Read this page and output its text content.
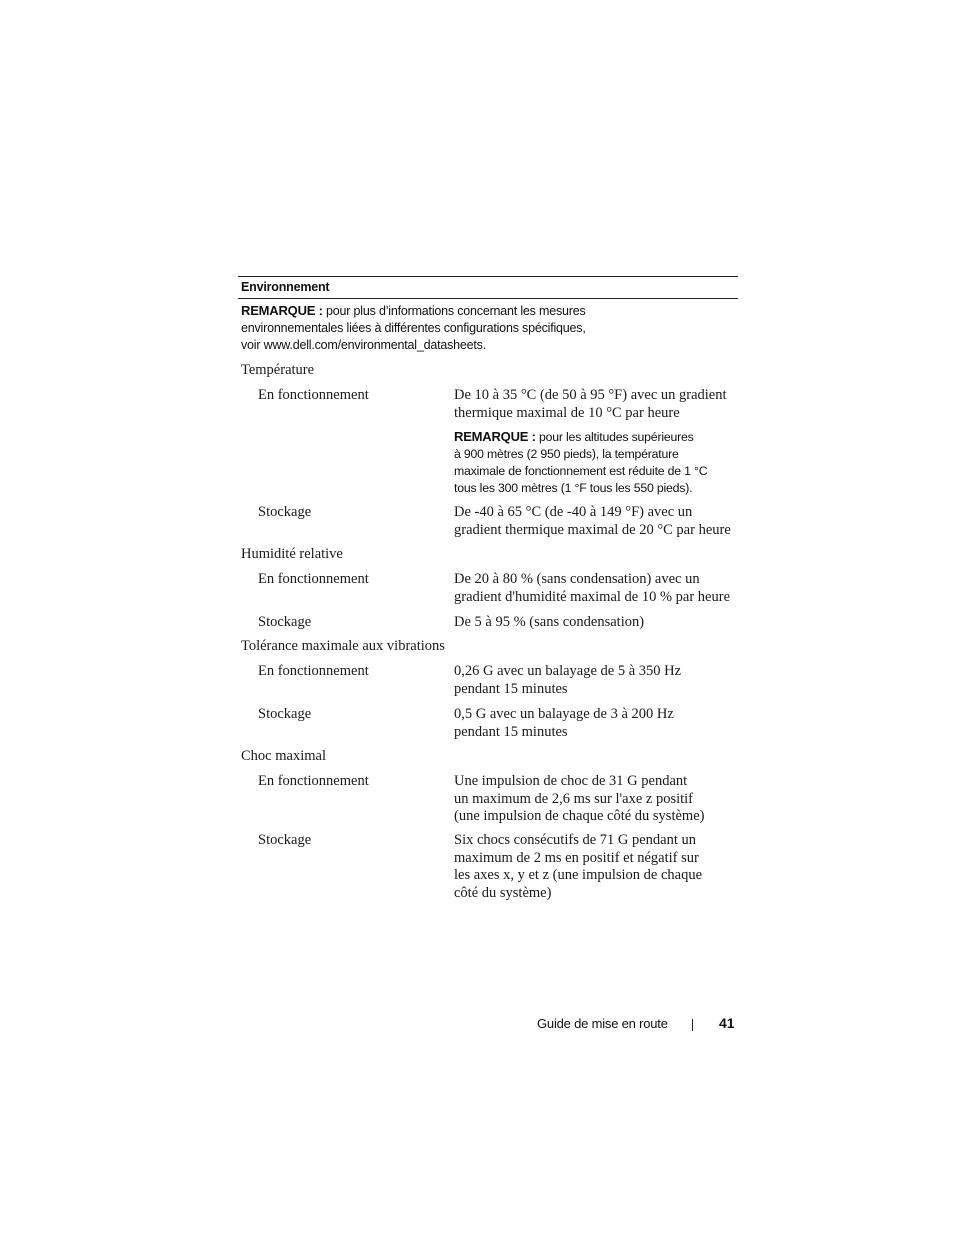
Environnement
REMARQUE : pour plus d’informations concernant les mesures
environnementales liées à différentes configurations spécifiques,
voir www.dell.com/environmental_datasheets.
Température
En fonctionnement	De 10 à 35 °C (de 50 à 95 °F) avec un gradient
thermique maximal de 10 °C par heure
REMARQUE : pour les altitudes supérieures
à 900 mètres (2 950 pieds), la température
maximale de fonctionnement est réduite de 1 °C
tous les 300 mètres (1 °F tous les 550 pieds).
Stockage	De -40 à 65 °C (de -40 à 149 °F) avec un
gradient thermique maximal de 20 °C par heure
Humidité relative
En fonctionnement	De 20 à 80 % (sans condensation) avec un
gradient d'humidité maximal de 10 % par heure
Stockage	De 5 à 95 % (sans condensation)
Tolérance maximale aux vibrations
En fonctionnement	0,26 G avec un balayage de 5 à 350 Hz
pendant 15 minutes
Stockage	0,5 G avec un balayage de 3 à 200 Hz
pendant 15 minutes
Choc maximal
En fonctionnement	Une impulsion de choc de 31 G pendant
un maximum de 2,6 ms sur l'axe z positif
(une impulsion de chaque côté du système)
Stockage	Six chocs consécutifs de 71 G pendant un
maximum de 2 ms en positif et négatif sur
les axes x, y et z (une impulsion de chaque
côté du système)
Guide de mise en route	41
